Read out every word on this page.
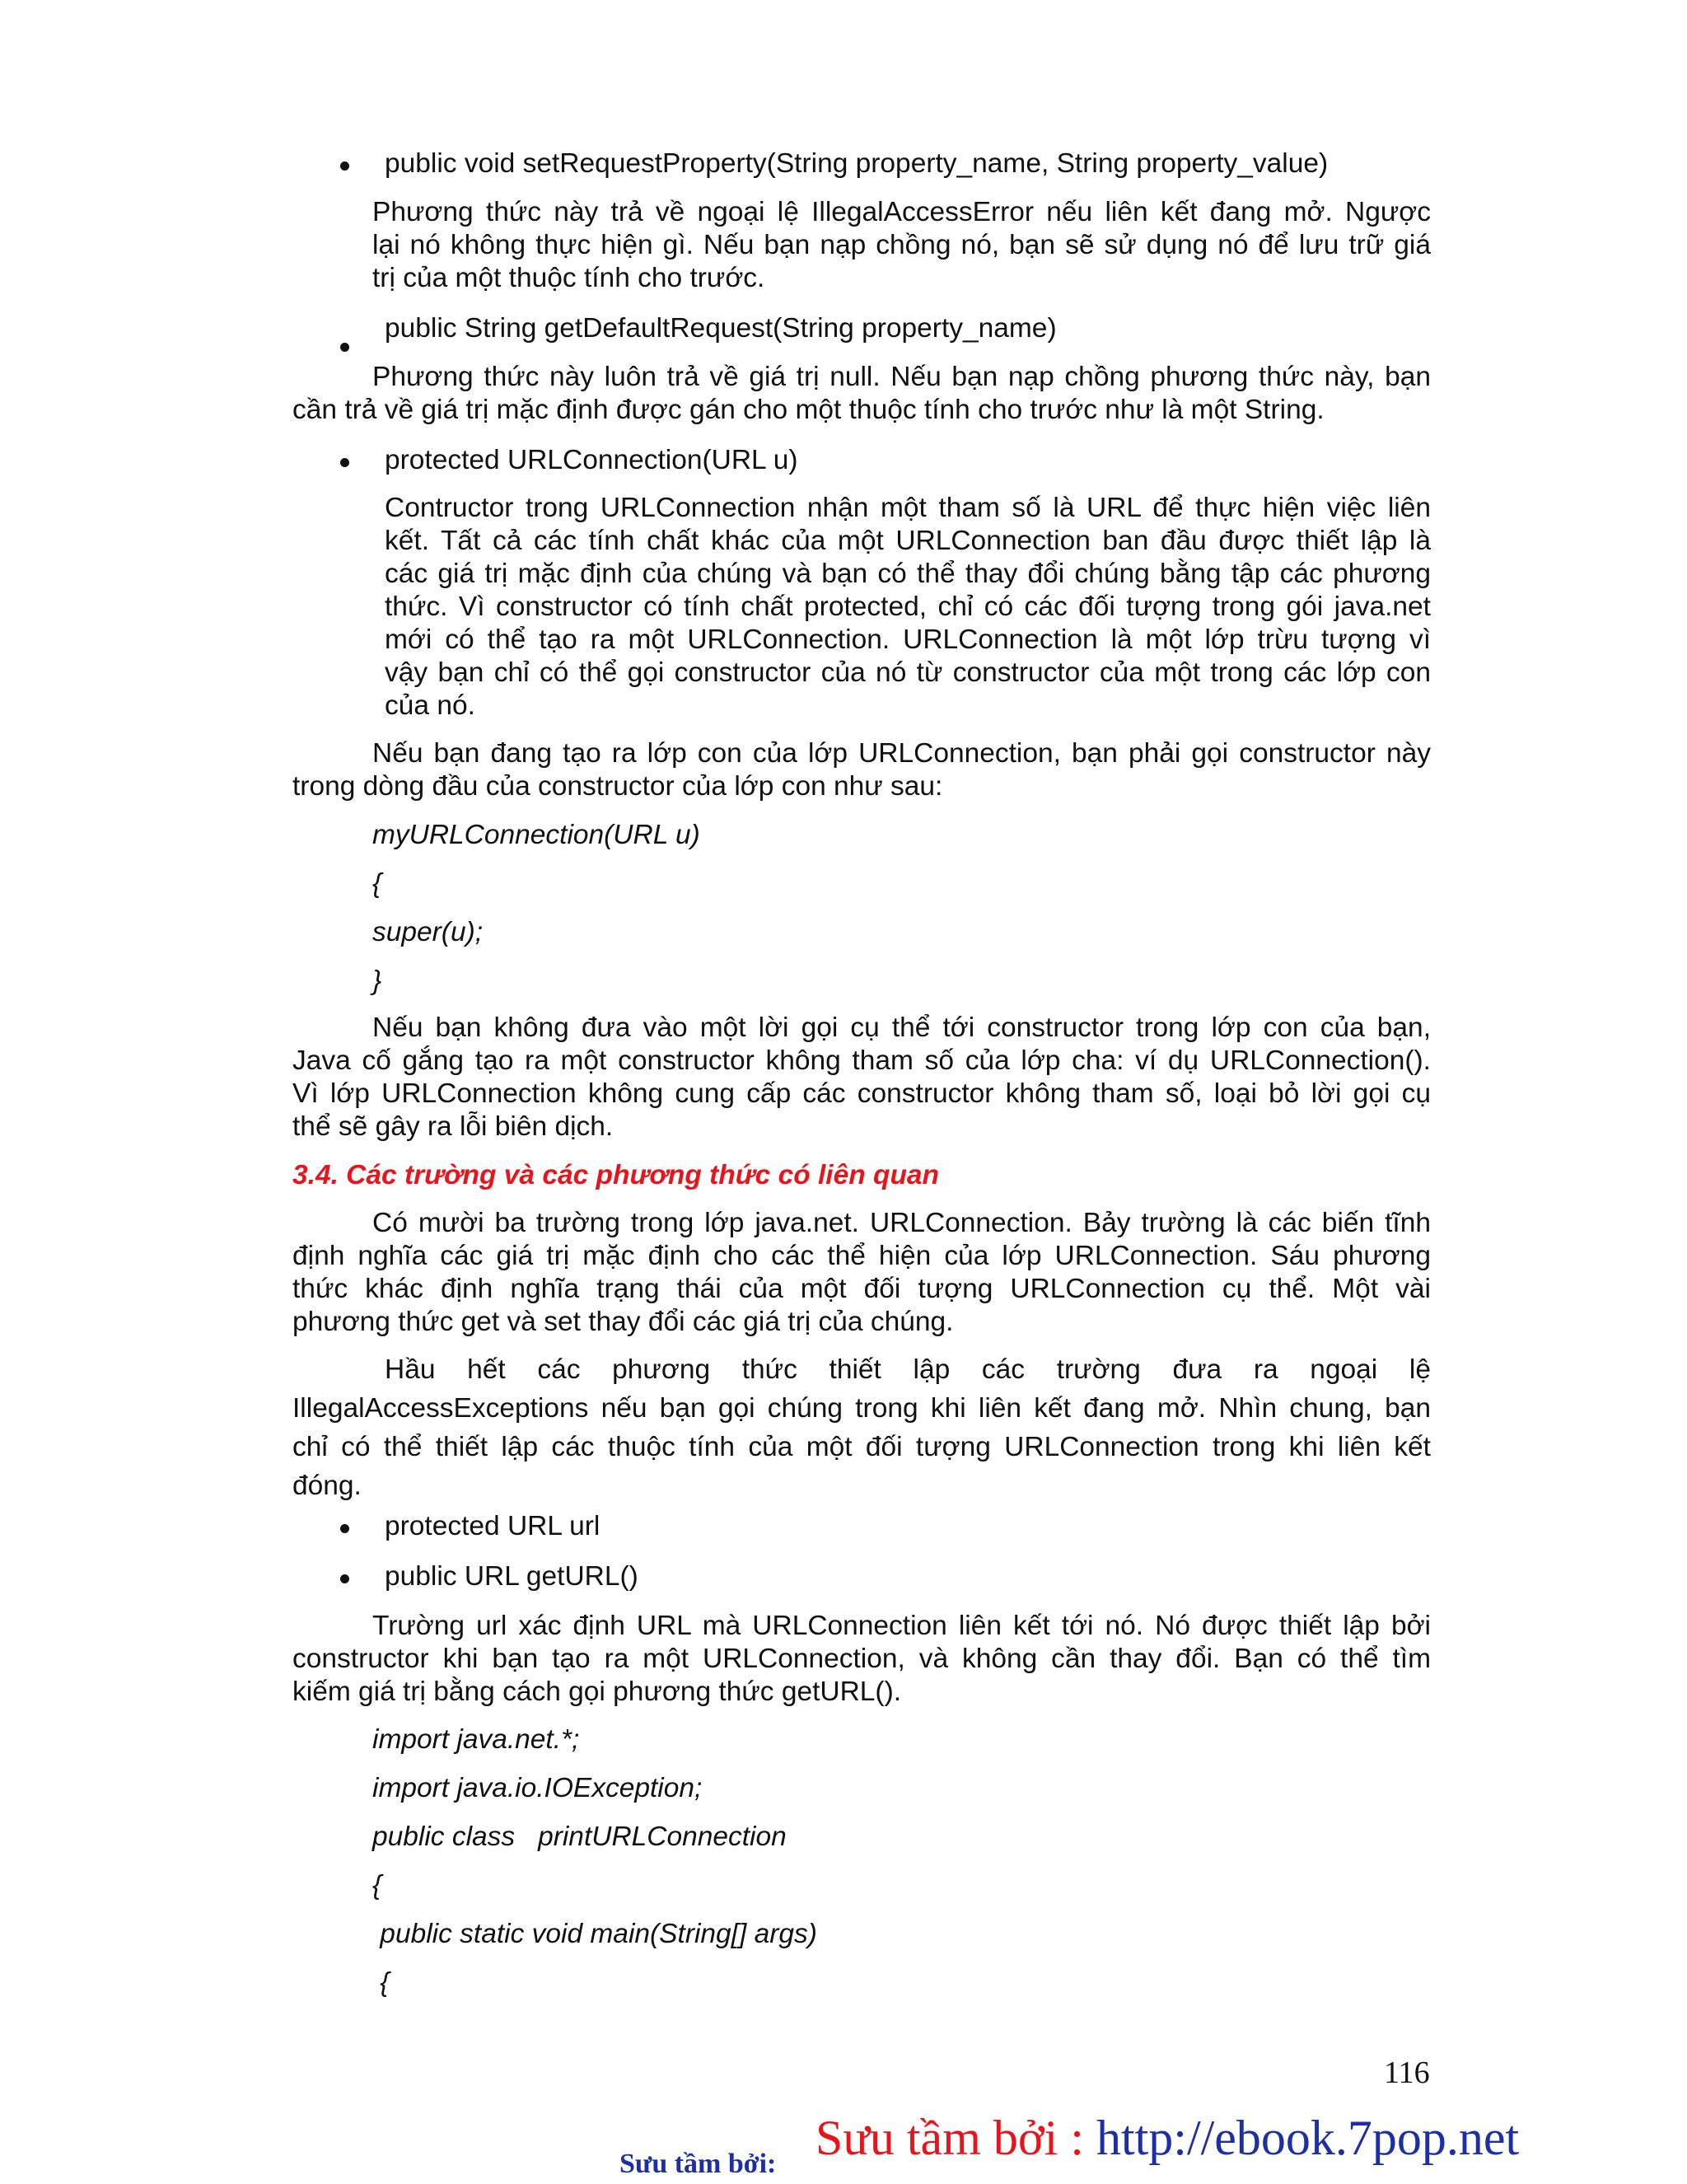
public void setRequestProperty(String property_name, String property_value)
Phương thức này trả về ngoại lệ IllegalAccessError nếu liên kết đang mở. Ngược
lại nó không thực hiện gì. Nếu bạn nạp chồng nó, bạn sẽ sử dụng nó để lưu trữ giá
trị của một thuộc tính cho trước.
public String getDefaultRequest(String property_name)
Phương thức này luôn trả về giá trị null. Nếu bạn nạp chồng phương thức này, bạn
cần trả về giá trị mặc định được gán cho một thuộc tính cho trước như là một String.
protected URLConnection(URL u)
Contructor trong URLConnection nhận một tham số là URL để thực hiện việc liên
kết. Tất cả các tính chất khác của một URLConnection ban đầu được thiết lập là
các giá trị mặc định của chúng và bạn có thể thay đổi chúng bằng tập các phương
thức. Vì constructor có tính chất protected, chỉ có các đối tượng trong gói java.net
mới có thể tạo ra một URLConnection. URLConnection là một lớp trừu tượng vì
vậy bạn chỉ có thể gọi constructor của nó từ constructor của một trong các lớp con
của nó.
Nếu bạn đang tạo ra lớp con của lớp URLConnection, bạn phải gọi constructor này
trong dòng đầu của constructor của lớp con như sau:
myURLConnection(URL u)
{
super(u);
}
Nếu bạn không đưa vào một lời gọi cụ thể tới constructor trong lớp con của bạn,
Java cố gắng tạo ra một constructor không tham số của lớp cha: ví dụ URLConnection().
Vì lớp URLConnection không cung cấp các constructor không tham số, loại bỏ lời gọi cụ
thể sẽ gây ra lỗi biên dịch.
3.4. Các trường và các phương thức có liên quan
Có mười ba trường trong lớp java.net. URLConnection. Bảy trường là các biến tĩnh
định nghĩa các giá trị mặc định cho các thể hiện của lớp URLConnection. Sáu phương
thức khác định nghĩa trạng thái của một đối tượng URLConnection cụ thể. Một vài
phương thức get và set thay đổi các giá trị của chúng.
Hầu hết các phương thức thiết lập các trường đưa ra ngoại lệ
IllegalAccessExceptions nếu bạn gọi chúng trong khi liên kết đang mở. Nhìn chung, bạn
chỉ có thể thiết lập các thuộc tính của một đối tượng URLConnection trong khi liên kết
đóng.
protected URL url
public URL getURL()
Trường url xác định URL mà URLConnection liên kết tới nó. Nó được thiết lập bởi
constructor khi bạn tạo ra một URLConnection, và không cần thay đổi. Bạn có thể tìm
kiếm giá trị bằng cách gọi phương thức getURL().
import java.net.*;
import java.io.IOException;
public class   printURLConnection
{
public static void main(String[] args)
{
116
Sưu tầm bởi : http://ebook.7pop.net
Sưu tầm bởi:
